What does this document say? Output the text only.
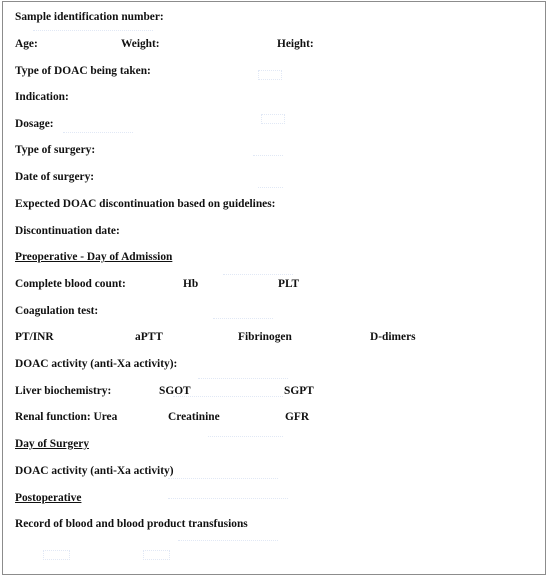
Sample identification number:

Age:	Weight:	Height:

Type of DOAC being taken:

Indication:

Dosage:

Type of surgery:

Date of surgery:

Expected DOAC discontinuation based on guidelines:

Discontinuation date:

Preoperative - Day of Admission

Complete blood count:	Hb	PLT

Coagulation test:

PT/INR	aPTT	Fibrinogen	D-dimers

DOAC activity (anti-Xa activity):

Liver biochemistry:	SGOT	SGPT
Renal function: Urea	Creatinine	GFR

Day of Surgery

DOAC activity (anti-Xa activity)

Postoperative

Record of blood and blood product transfusions
